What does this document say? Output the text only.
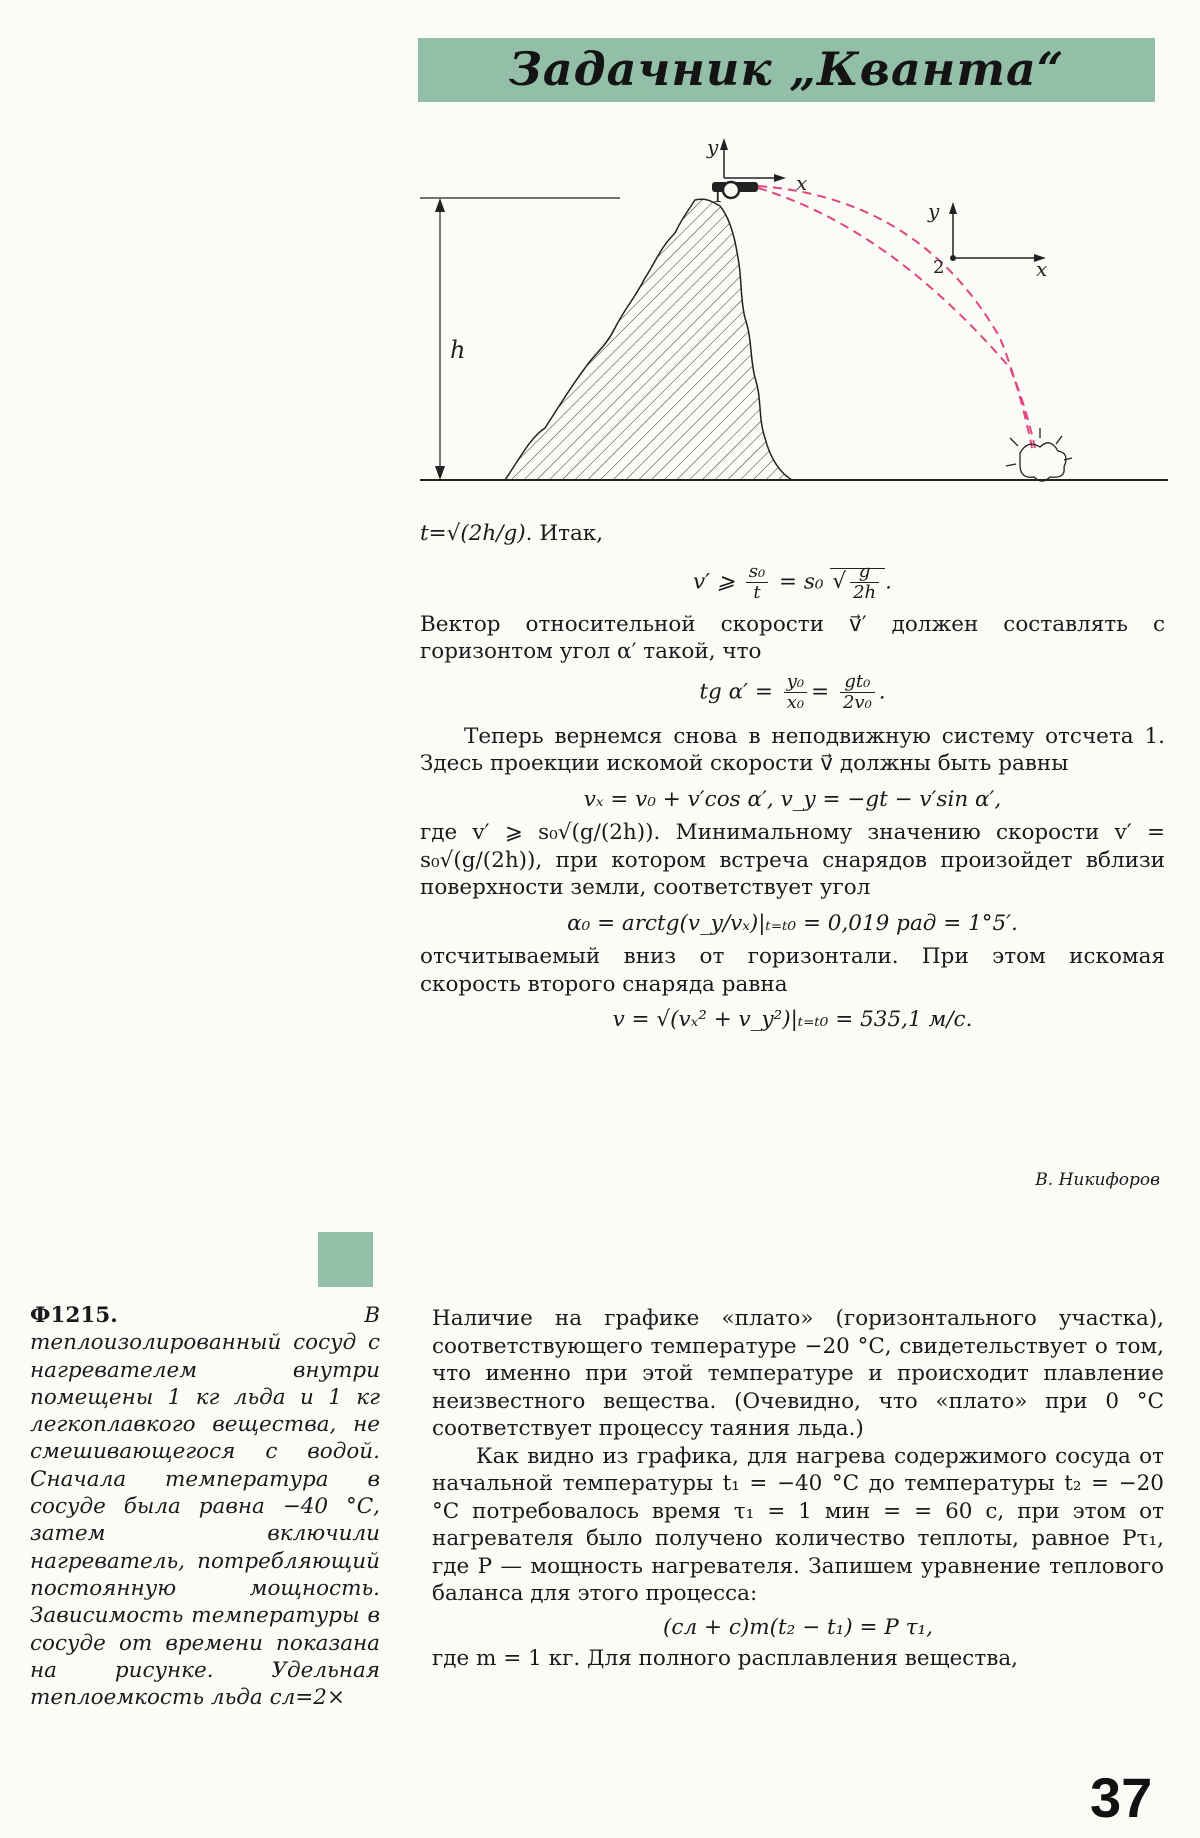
Задачник „Кванта“
h
y
x
1
y
x
2

t=√(2h/g). Итак,

v′ ⩾ $\frac{\text{s₀}}{t} = s_0$ √ $\frac{g}{2h}$ .

Вектор относительной скорости v⃗′ должен составлять с горизонтом угол α′ такой, что

tg $\alpha' = \frac{\text{y₀}}{\text{x₀}} = \frac{\text{gt₀}}{\text{2v₀}}$ .

Теперь вернемся снова в неподвижную систему отсчета 1. Здесь проекции искомой скорости v⃗ должны быть равны

vₓ = v₀ + v′cos α′, v_y = −gt − v′sin α′,

где v′ ⩾ s₀√(g/(2h)). Минимальному значению скорости v′ = s₀√(g/(2h)), при котором встреча снарядов произойдет вблизи поверхности земли, соответствует угол

α₀ = arctg(v_y/vₓ)|ₜ₌ₜ₀ = 0,019 рад = 1°5′.

отсчитываемый вниз от горизонтали. При этом искомая скорость второго снаряда равна

v = √(vₓ² + v_y²)|ₜ₌ₜ₀ = 535,1 м/с.

В. Никифоров
Ф1215.	В теплоизолированный сосуд с нагревателем внутри помещены 1 кг льда и 1 кг легкоплавкого вещества, не смешивающегося с водой. Сначала температура в сосуде была равна −40 °С, затем включили нагреватель, потребляющий постоянную мощность. Зависимость температуры в сосуде от времени показана на рисунке. Удельная теплоемкость льда cл=2×

Наличие на графике «плато» (горизонтального участка), соответствующего температуре −20 °С, свидетельствует о том, что именно при этой температуре и происходит плавление неизвестного вещества. (Очевидно, что «плато» при 0 °С соответствует процессу таяния льда.)

Как видно из графика, для нагрева содержимого сосуда от начальной температуры t₁ = −40 °С до температуры t₂ = −20 °С потребовалось время τ₁ = 1 мин = = 60 с, при этом от нагревателя было получено количество теплоты, равное Pτ₁, где P — мощность нагревателя. Запишем уравнение теплового баланса для этого процесса:

(cл + c)m(t₂ − t₁) = P τ₁,

где m = 1 кг. Для полного расплавления вещества,

37
